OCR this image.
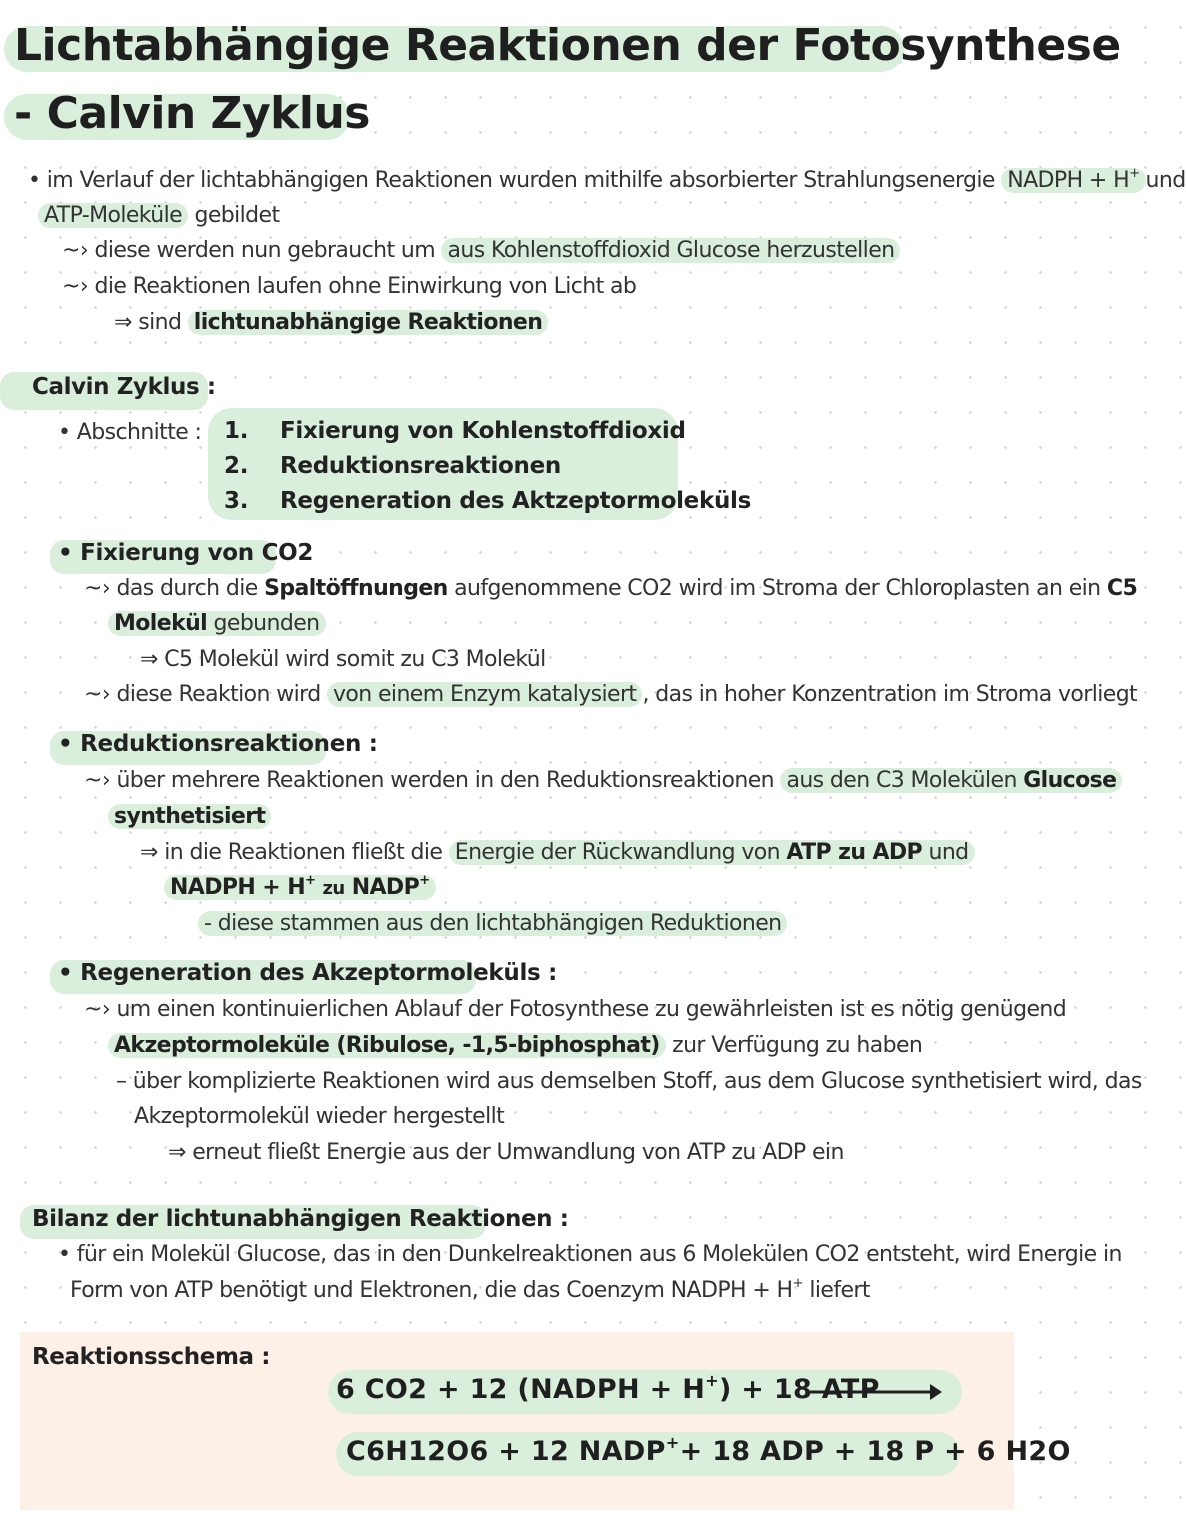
Lichtabhängige Reaktionen der Fotosynthese
- Calvin Zyklus
• im Verlauf der lichtabhängigen Reaktionen wurden mithilfe absorbierter Strahlungsenergie NADPH + H+ und
ATP-Moleküle gebildet
~› diese werden nun gebraucht um aus Kohlenstoffdioxid Glucose herzustellen
~› die Reaktionen laufen ohne Einwirkung von Licht ab
⇒ sind lichtunabhängige Reaktionen
Calvin Zyklus :
• Abschnitte : 1. Fixierung von Kohlenstoffdioxid
2. Reduktionsreaktionen
3. Regeneration des Aktzeptormoleküls
• Fixierung von CO2
~› das durch die Spaltöffnungen aufgenommene CO2 wird im Stroma der Chloroplasten an ein C5
Molekül gebunden
⇒ C5 Molekül wird somit zu C3 Molekül
~› diese Reaktion wird von einem Enzym katalysiert , das in hoher Konzentration im Stroma vorliegt
• Reduktionsreaktionen :
~› über mehrere Reaktionen werden in den Reduktionsreaktionen aus den C3 Molekülen Glucose
synthetisiert
⇒ in die Reaktionen fließt die Energie der Rückwandlung von ATP zu ADP und
NADPH + H+ zu NADP+
- diese stammen aus den lichtabhängigen Reduktionen
• Regeneration des Akzeptormoleküls :
~› um einen kontinuierlichen Ablauf der Fotosynthese zu gewährleisten ist es nötig genügend
Akzeptormoleküle (Ribulose, -1,5-biphosphat) zur Verfügung zu haben
– über komplizierte Reaktionen wird aus demselben Stoff, aus dem Glucose synthetisiert wird, das
Akzeptormolekül wieder hergestellt
⇒ erneut fließt Energie aus der Umwandlung von ATP zu ADP ein
Bilanz der lichtunabhängigen Reaktionen :
• für ein Molekül Glucose, das in den Dunkelreaktionen aus 6 Molekülen CO2 entsteht, wird Energie in
Form von ATP benötigt und Elektronen, die das Coenzym NADPH + H+ liefert
Reaktionsschema :
6 CO2 + 12 (NADPH + H+) + 18 ATP
C6H12O6 + 12 NADP++ 18 ADP + 18 P + 6 H2O
